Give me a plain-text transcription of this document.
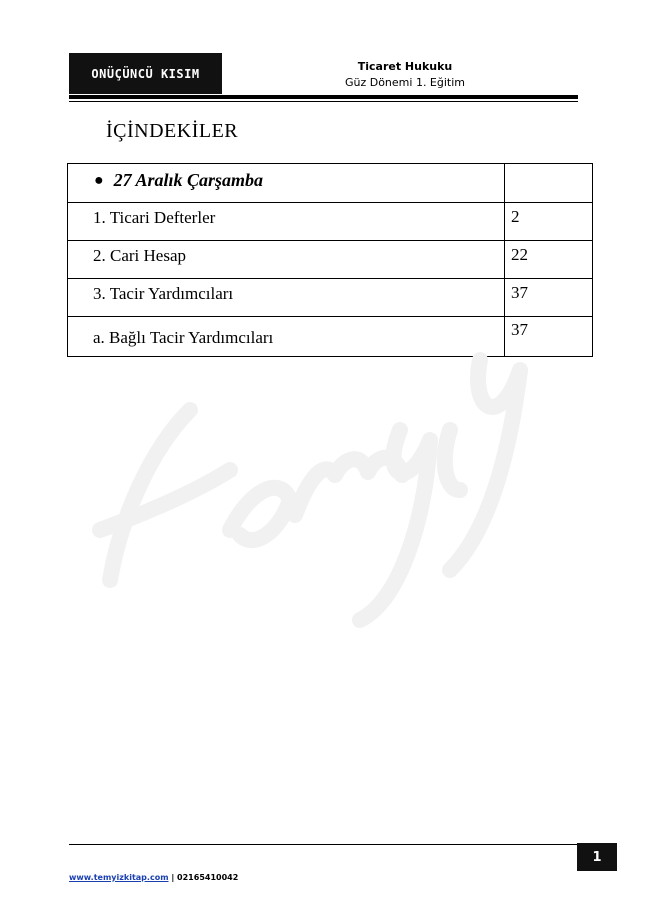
ONÜÇÜNCÜ KISIM	Ticaret Hukuku
Güz Dönemi 1. Eğitim
İÇİNDEKİLER
● 27 Aralık Çarşamba	

1. Ticari Defterler	2

2. Cari Hesap	22

3. Tacir Yardımcıları	37

a. Bağlı Tacir Yardımcıları	37
1
www.temyizkitap.com | 02165410042
